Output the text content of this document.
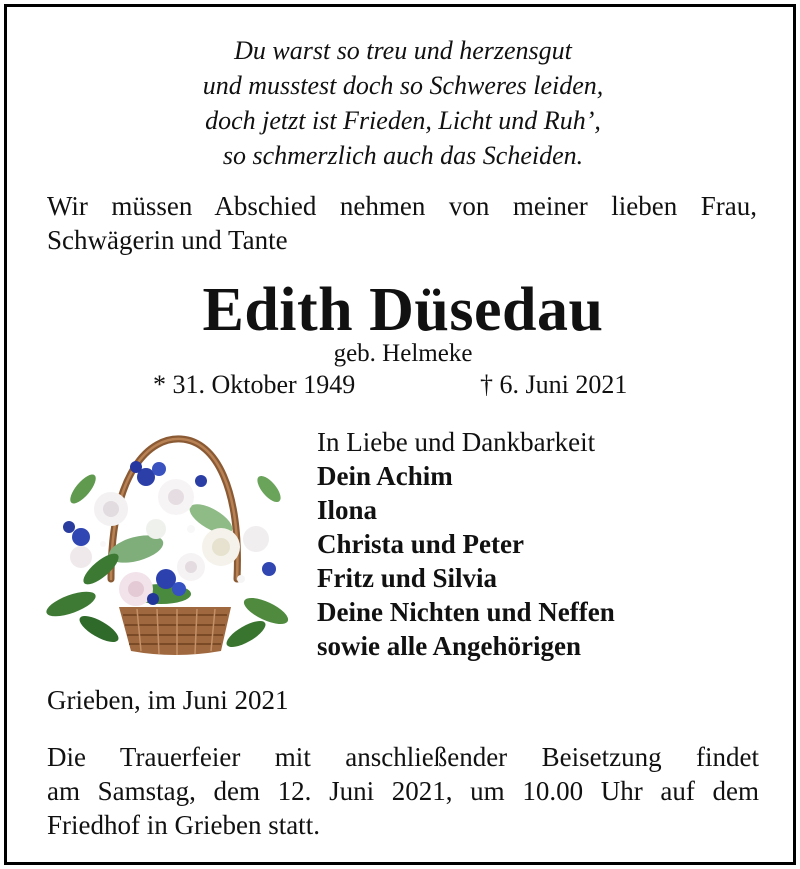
Du warst so treu und herzensgut
und musstest doch so Schweres leiden,
doch jetzt ist Frieden, Licht und Ruh’,
so schmerzlich auch das Scheiden.
Wir müssen Abschied nehmen von meiner lieben Frau,
Schwägerin und Tante
Edith Düsedau
geb. Helmeke
* 31. Oktober 1949	† 6. Juni 2021
In Liebe und Dankbarkeit
Dein Achim
Ilona
Christa und Peter
Fritz und Silvia
Deine Nichten und Neffen
sowie alle Angehörigen
Grieben, im Juni 2021
Die Trauerfeier mit anschließender Beisetzung findet
am Samstag, dem 12. Juni 2021, um 10.00 Uhr auf dem
Friedhof in Grieben statt.
